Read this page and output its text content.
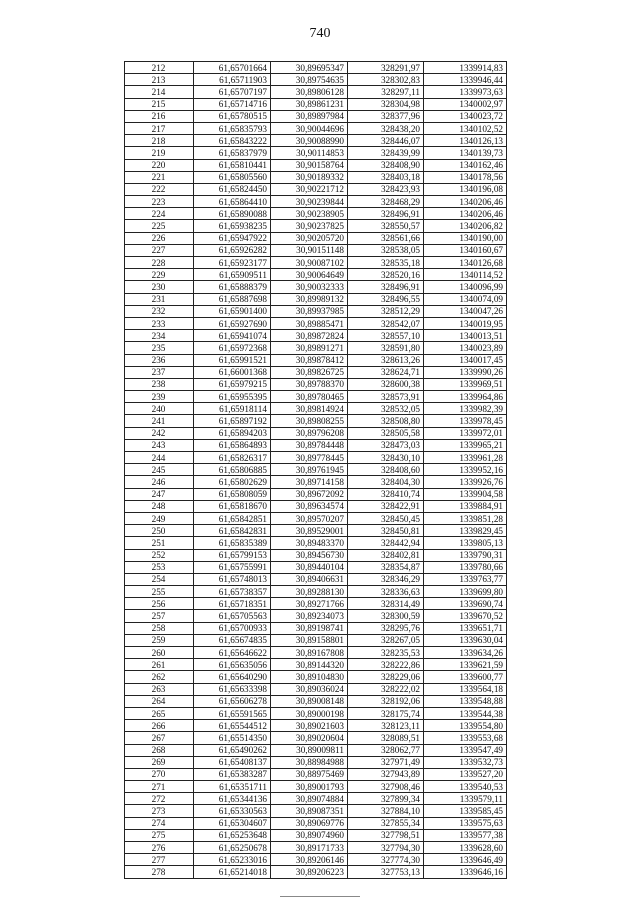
740
212	61,65701664	30,89695347	328291,97	1339914,83
213	61,65711903	30,89754635	328302,83	1339946,44
214	61,65707197	30,89806128	328297,11	1339973,63
215	61,65714716	30,89861231	328304,98	1340002,97
216	61,65780515	30,89897984	328377,96	1340023,72
217	61,65835793	30,90044696	328438,20	1340102,52
218	61,65843222	30,90088990	328446,07	1340126,13
219	61,65837979	30,90114853	328439,99	1340139,73
220	61,65810441	30,90158764	328408,90	1340162,46
221	61,65805560	30,90189332	328403,18	1340178,56
222	61,65824450	30,90221712	328423,93	1340196,08
223	61,65864410	30,90239844	328468,29	1340206,46
224	61,65890088	30,90238905	328496,91	1340206,46
225	61,65938235	30,90237825	328550,57	1340206,82
226	61,65947922	30,90205720	328561,66	1340190,00
227	61,65926282	30,90151148	328538,05	1340160,67
228	61,65923177	30,90087102	328535,18	1340126,68
229	61,65909511	30,90064649	328520,16	1340114,52
230	61,65888379	30,90032333	328496,91	1340096,99
231	61,65887698	30,89989132	328496,55	1340074,09
232	61,65901400	30,89937985	328512,29	1340047,26
233	61,65927690	30,89885471	328542,07	1340019,95
234	61,65941074	30,89872824	328557,10	1340013,51
235	61,65972368	30,89891271	328591,80	1340023,89
236	61,65991521	30,89878412	328613,26	1340017,45
237	61,66001368	30,89826725	328624,71	1339990,26
238	61,65979215	30,89788370	328600,38	1339969,51
239	61,65955395	30,89780465	328573,91	1339964,86
240	61,65918114	30,89814924	328532,05	1339982,39
241	61,65897192	30,89808255	328508,80	1339978,45
242	61,65894203	30,89796208	328505,58	1339972,01
243	61,65864893	30,89784448	328473,03	1339965,21
244	61,65826317	30,89778445	328430,10	1339961,28
245	61,65806885	30,89761945	328408,60	1339952,16
246	61,65802629	30,89714158	328404,30	1339926,76
247	61,65808059	30,89672092	328410,74	1339904,58
248	61,65818670	30,89634574	328422,91	1339884,91
249	61,65842851	30,89570207	328450,45	1339851,28
250	61,65842831	30,89529001	328450,81	1339829,45
251	61,65835389	30,89483370	328442,94	1339805,13
252	61,65799153	30,89456730	328402,81	1339790,31
253	61,65755991	30,89440104	328354,87	1339780,66
254	61,65748013	30,89406631	328346,29	1339763,77
255	61,65738357	30,89288130	328336,63	1339699,80
256	61,65718351	30,89271766	328314,49	1339690,74
257	61,65705563	30,89234073	328300,59	1339670,52
258	61,65700933	30,89198741	328295,76	1339651,71
259	61,65674835	30,89158801	328267,05	1339630,04
260	61,65646622	30,89167808	328235,53	1339634,26
261	61,65635056	30,89144320	328222,86	1339621,59
262	61,65640290	30,89104830	328229,06	1339600,77
263	61,65633398	30,89036024	328222,02	1339564,18
264	61,65606278	30,89008148	328192,06	1339548,88
265	61,65591565	30,89000198	328175,74	1339544,38
266	61,65544512	30,89021603	328123,11	1339554,80
267	61,65514350	30,89020604	328089,51	1339553,68
268	61,65490262	30,89009811	328062,77	1339547,49
269	61,65408137	30,88984988	327971,49	1339532,73
270	61,65383287	30,88975469	327943,89	1339527,20
271	61,65351711	30,89001793	327908,46	1339540,53
272	61,65344136	30,89074884	327899,34	1339579,11
273	61,65330563	30,89087351	327884,10	1339585,45
274	61,65304607	30,89069776	327855,34	1339575,63
275	61,65253648	30,89074960	327798,51	1339577,38
276	61,65250678	30,89171733	327794,30	1339628,60
277	61,65233016	30,89206146	327774,30	1339646,49
278	61,65214018	30,89206223	327753,13	1339646,16
